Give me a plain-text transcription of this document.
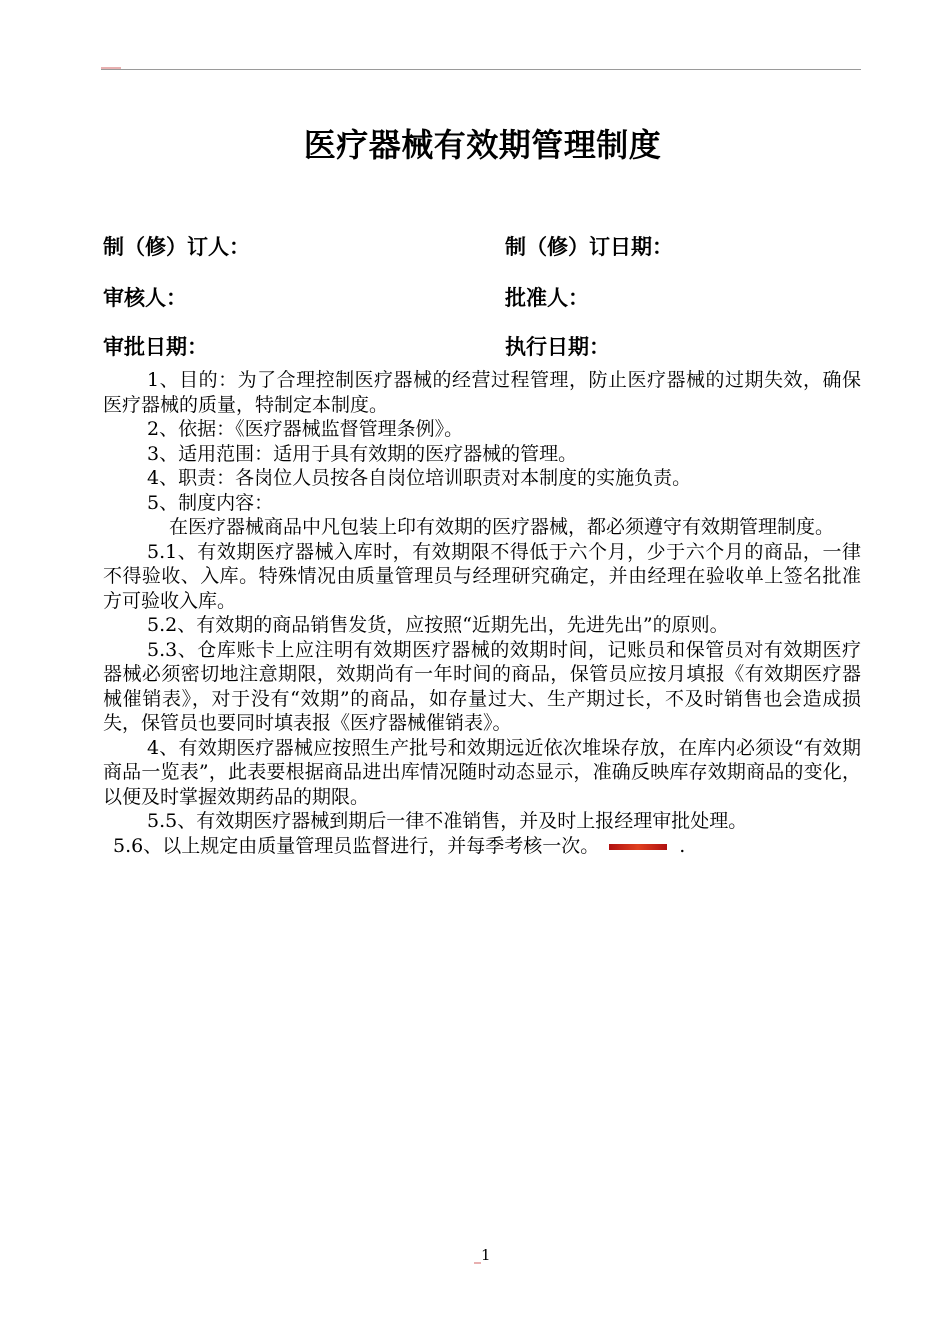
医疗器械有效期管理制度
制（修）订人：	制（修）订日期：
审核人：	批准人：
审批日期：	执行日期：

1、目的：为了合理控制医疗器械的经营过程管理，防止医疗器械的过期失效，确保医疗器械的质量，特制定本制度。

2、依据：《医疗器械监督管理条例》。

3、适用范围：适用于具有效期的医疗器械的管理。

4、职责：各岗位人员按各自岗位培训职责对本制度的实施负责。

5、制度内容：

在医疗器械商品中凡包装上印有效期的医疗器械，都必须遵守有效期管理制度。

5.1、有效期医疗器械入库时，有效期限不得低于六个月，少于六个月的商品，一律不得验收、入库。特殊情况由质量管理员与经理研究确定，并由经理在验收单上签名批准方可验收入库。

5.2、有效期的商品销售发货，应按照“近期先出，先进先出”的原则。

5.3、仓库账卡上应注明有效期医疗器械的效期时间，记账员和保管员对有效期医疗器械必须密切地注意期限，效期尚有一年时间的商品，保管员应按月填报《有效期医疗器械催销表》，对于没有“效期”的商品，如存量过大、生产期过长，不及时销售也会造成损失，保管员也要同时填表报《医疗器械催销表》。

4、有效期医疗器械应按照生产批号和效期远近依次堆垛存放，在库内必须设“有效期商品一览表”，此表要根据商品进出库情况随时动态显示，准确反映库存效期商品的变化，以便及时掌握效期药品的期限。

5.5、有效期医疗器械到期后一律不准销售，并及时上报经理审批处理。

5.6、以上规定由质量管理员监督进行，并每季考核一次。	.

1
